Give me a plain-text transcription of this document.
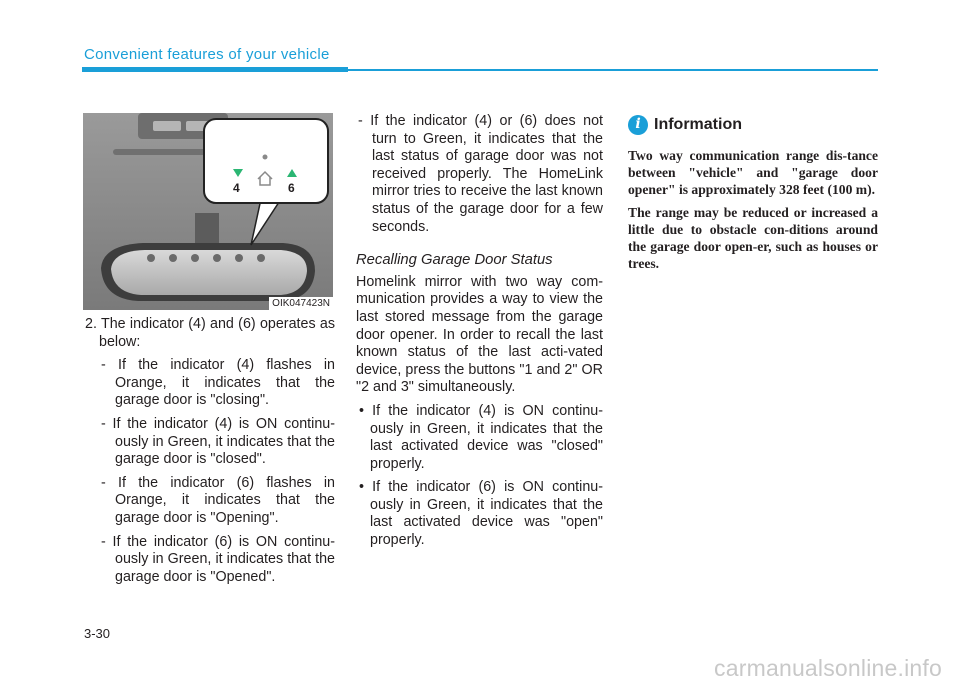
Convenient features of your vehicle
4	6
OIK047423N

2. The indicator (4) and (6) operates as below:

- If the indicator (4) flashes in Orange, it indicates that the garage door is "closing".

- If the indicator (4) is ON continu-ously in Green, it indicates that the garage door is "closed".

- If the indicator (6) flashes in Orange, it indicates that the garage door is "Opening".

- If the indicator (6) is ON continu-ously in Green, it indicates that the garage door is "Opened".

- If the indicator (4) or (6) does not turn to Green, it indicates that the last status of garage door was not received properly. The HomeLink mirror tries to receive the last known status of the garage door for a few seconds.

Recalling Garage Door Status

Homelink mirror with two way com-munication provides a way to view the last stored message from the garage door opener. In order to recall the last known status of the last acti-vated device, press the buttons "1 and 2" OR "2 and 3" simultaneously.

• If the indicator (4) is ON continu-ously in Green, it indicates that the last activated device was "closed" properly.

• If the indicator (6) is ON continu-ously in Green, it indicates that the last activated device was "open" properly.

i Information

Two way communication range dis-tance between "vehicle" and "garage door opener" is approximately 328 feet (100 m).

The range may be reduced or increased a little due to obstacle con-ditions around the garage door open-er, such as houses or trees.

3-30
carmanualsonline.info
